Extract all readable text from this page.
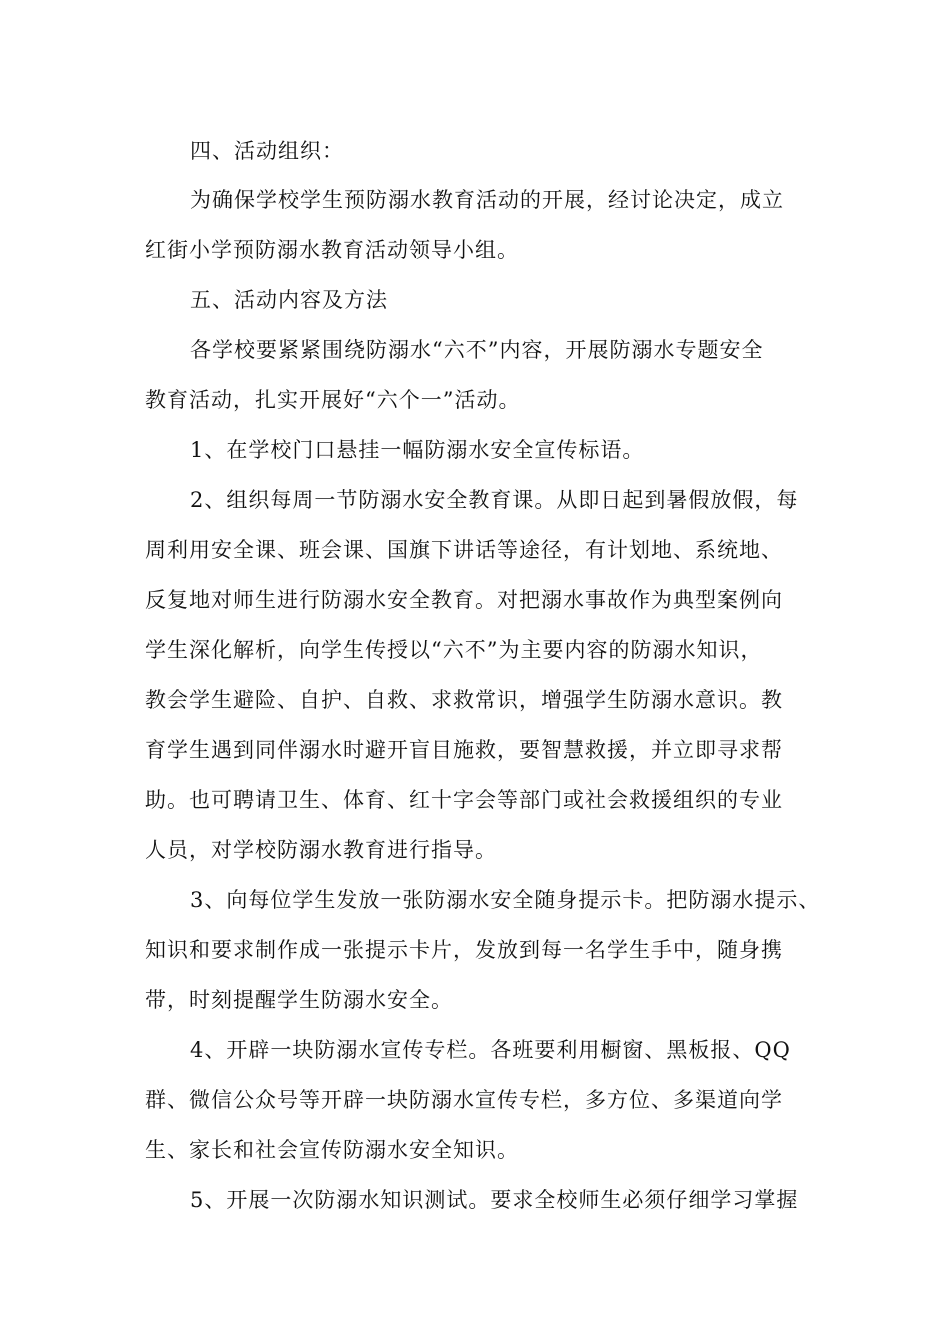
四、活动组织：
为确保学校学生预防溺水教育活动的开展，经讨论决定，成立
红街小学预防溺水教育活动领导小组。
五、活动内容及方法
各学校要紧紧围绕防溺水“六不”内容，开展防溺水专题安全
教育活动，扎实开展好“六个一”活动。
1、在学校门口悬挂一幅防溺水安全宣传标语。
2、组织每周一节防溺水安全教育课。从即日起到暑假放假，每
周利用安全课、班会课、国旗下讲话等途径，有计划地、系统地、
反复地对师生进行防溺水安全教育。对把溺水事故作为典型案例向
学生深化解析，向学生传授以“六不”为主要内容的防溺水知识，
教会学生避险、自护、自救、求救常识，增强学生防溺水意识。教
育学生遇到同伴溺水时避开盲目施救，要智慧救援，并立即寻求帮
助。也可聘请卫生、体育、红十字会等部门或社会救援组织的专业
人员，对学校防溺水教育进行指导。
3、向每位学生发放一张防溺水安全随身提示卡。把防溺水提示、
知识和要求制作成一张提示卡片，发放到每一名学生手中，随身携
带，时刻提醒学生防溺水安全。
4、开辟一块防溺水宣传专栏。各班要利用橱窗、黑板报、QQ
群、微信公众号等开辟一块防溺水宣传专栏，多方位、多渠道向学
生、家长和社会宣传防溺水安全知识。
5、开展一次防溺水知识测试。要求全校师生必须仔细学习掌握
